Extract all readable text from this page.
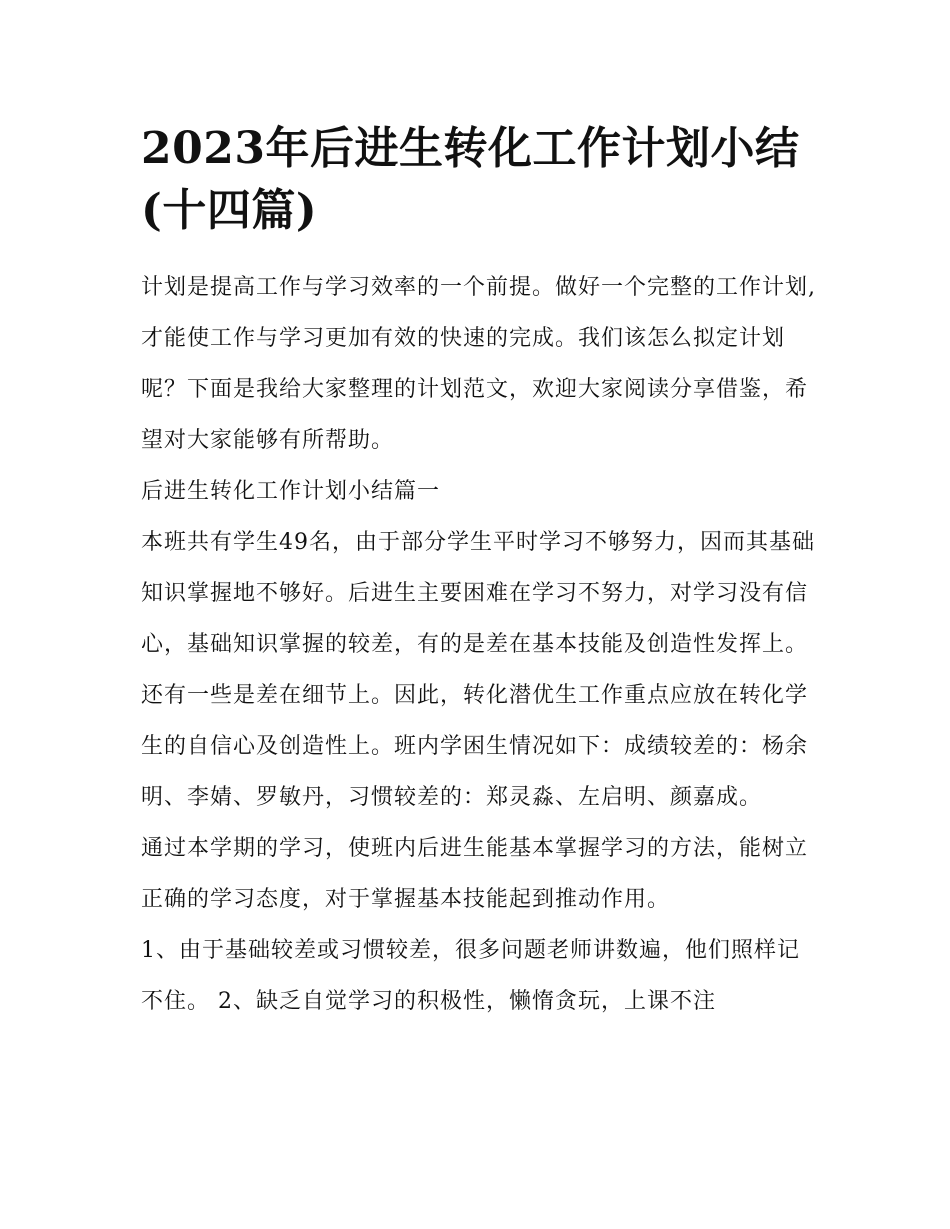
2023年后进生转化工作计划小结(十四篇)

计划是提高工作与学习效率的一个前提。做好一个完整的工作计划,才能使工作与学习更加有效的快速的完成。我们该怎么拟定计划呢？下面是我给大家整理的计划范文，欢迎大家阅读分享借鉴，希望对大家能够有所帮助。

后进生转化工作计划小结篇一

本班共有学生49名，由于部分学生平时学习不够努力，因而其基础知识掌握地不够好。后进生主要困难在学习不努力，对学习没有信心，基础知识掌握的较差，有的是差在基本技能及创造性发挥上。还有一些是差在细节上。因此，转化潜优生工作重点应放在转化学生的自信心及创造性上。班内学困生情况如下：成绩较差的：杨余明、李婧、罗敏丹，习惯较差的：郑灵淼、左启明、颜嘉成。

通过本学期的学习，使班内后进生能基本掌握学习的方法，能树立正确的学习态度，对于掌握基本技能起到推动作用。

1、由于基础较差或习惯较差，很多问题老师讲数遍，他们照样记不住。 2、缺乏自觉学习的积极性，懒惰贪玩，上课不注
